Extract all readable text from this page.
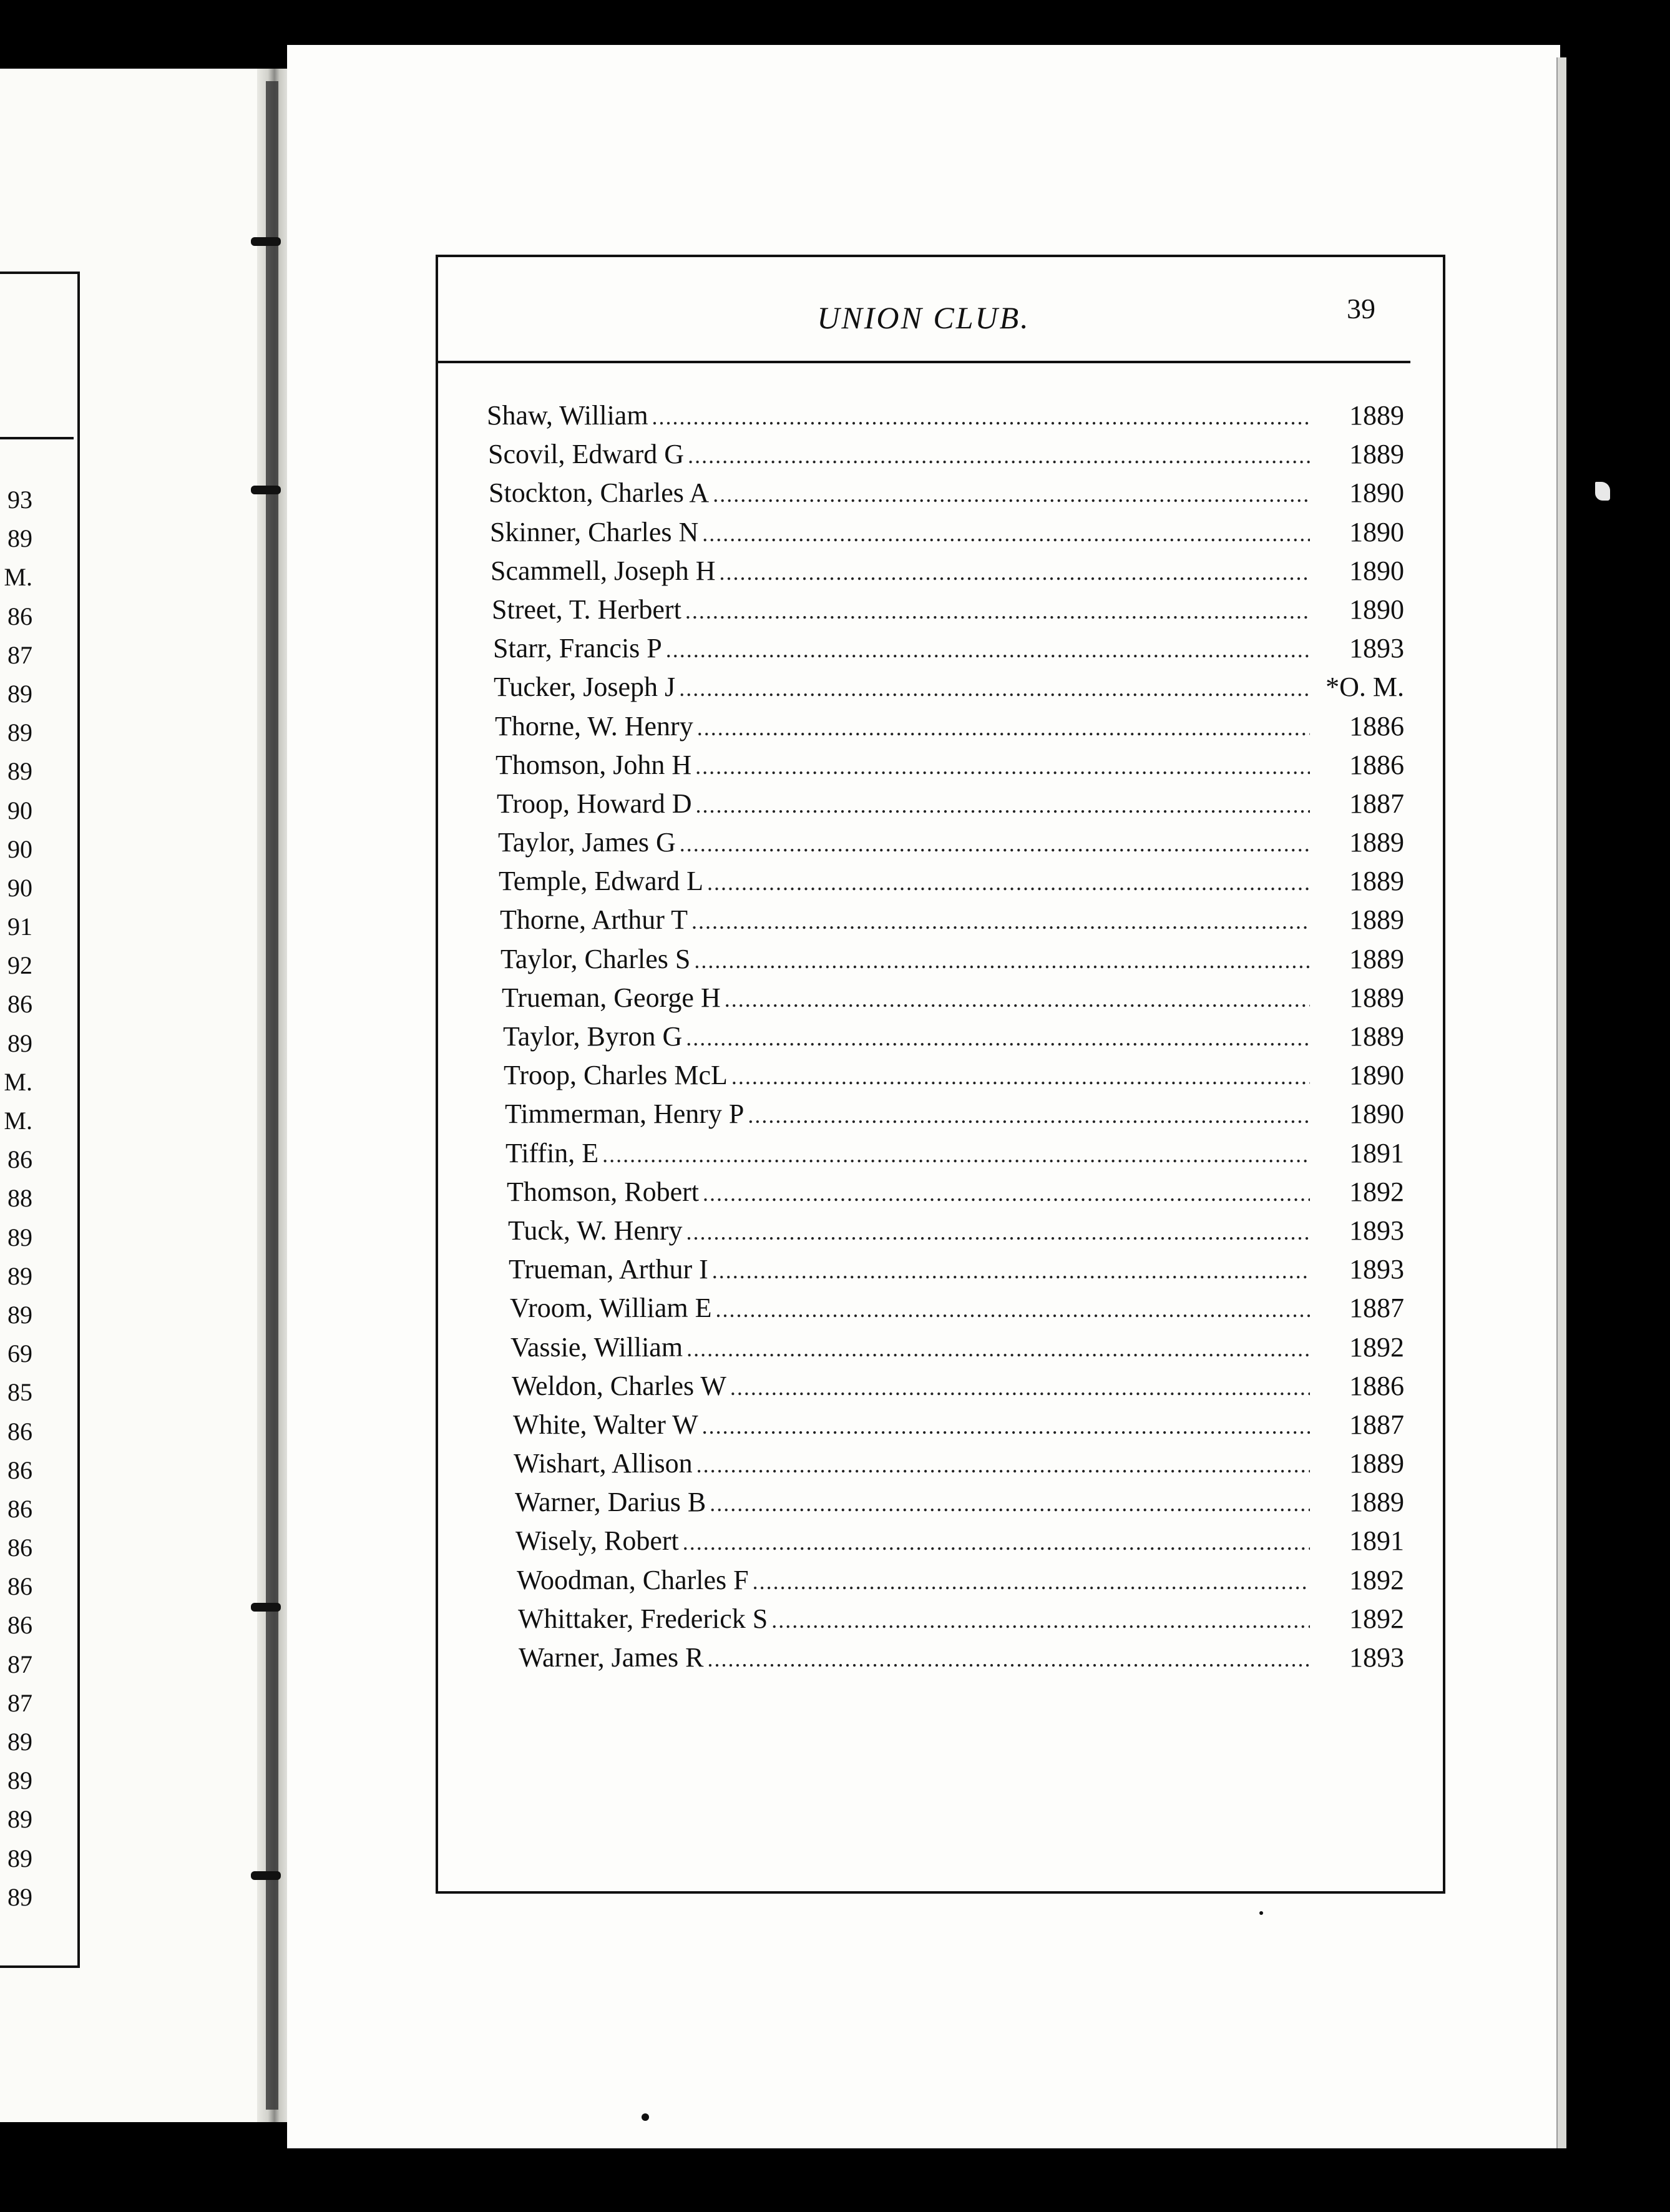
93
89
M.
86
87
89
89
89
90
90
90
91
92
86
89
M.
M.
86
88
89
89
89
69
85
86
86
86
86
86
86
87
87
89
89
89
89
89
UNION CLUB.	39
Shaw, William .....	1889
Scovil, Edward G .....	1889
Stockton, Charles A .....	1890
Skinner, Charles N .....	1890
Scammell, Joseph H .....	1890
Street, T. Herbert .....	1890
Starr, Francis P .....	1893
Tucker, Joseph J .....	*O. M.
Thorne, W. Henry .....	1886
Thomson, John H .....	1886
Troop, Howard D .....	1887
Taylor, James G .....	1889
Temple, Edward L .....	1889
Thorne, Arthur T .....	1889
Taylor, Charles S .....	1889
Trueman, George H .....	1889
Taylor, Byron G .....	1889
Troop, Charles McL .....	1890
Timmerman, Henry P .....	1890
Tiffin, E .....	1891
Thomson, Robert .....	1892
Tuck, W. Henry .....	1893
Trueman, Arthur I .....	1893
Vroom, William E .....	1887
Vassie, William .....	1892
Weldon, Charles W .....	1886
White, Walter W .....	1887
Wishart, Allison .....	1889
Warner, Darius B .....	1889
Wisely, Robert .....	1891
Woodman, Charles F .....	1892
Whittaker, Frederick S .....	1892
Warner, James R .....	1893
